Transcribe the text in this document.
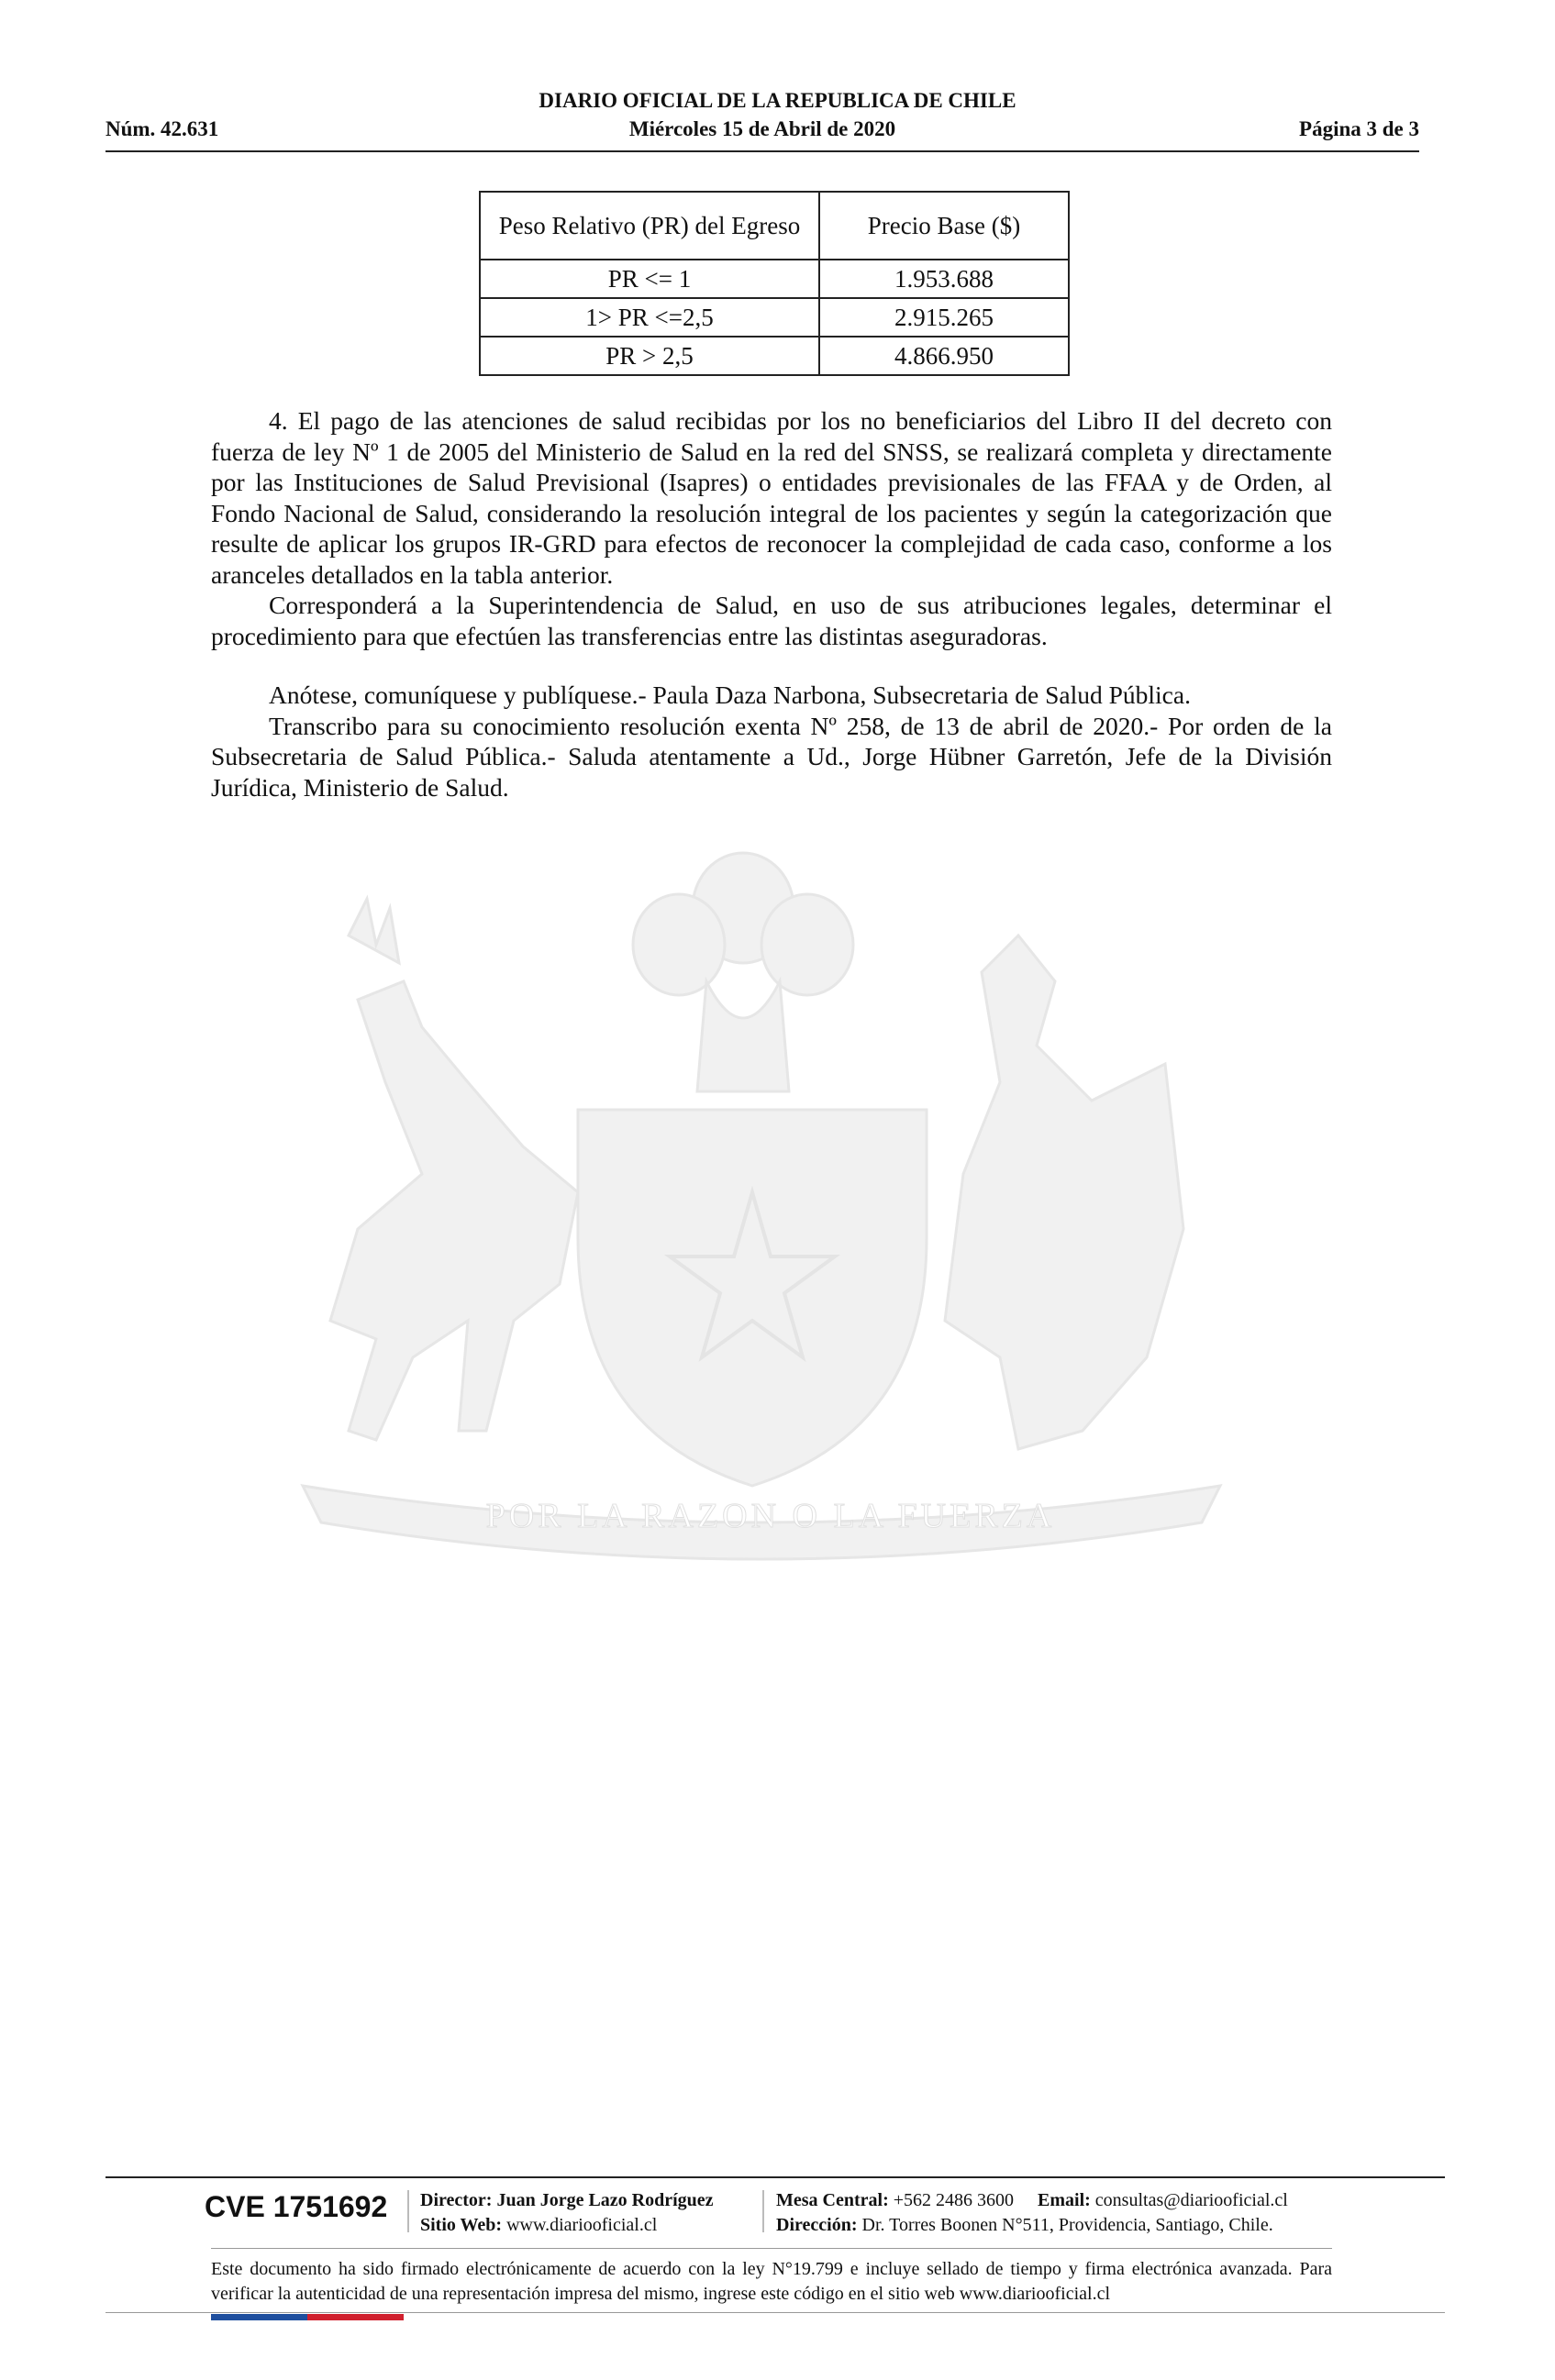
DIARIO OFICIAL DE LA REPUBLICA DE CHILE
Núm. 42.631	Miércoles 15 de Abril de 2020	Página 3 de 3
Peso Relativo (PR) del Egreso	Precio Base ($)
PR <= 1	1.953.688
1> PR <=2,5	2.915.265
PR > 2,5	4.866.950

4. El pago de las atenciones de salud recibidas por los no beneficiarios del Libro II del decreto con fuerza de ley Nº 1 de 2005 del Ministerio de Salud en la red del SNSS, se realizará completa y directamente por las Instituciones de Salud Previsional (Isapres) o entidades previsionales de las FFAA y de Orden, al Fondo Nacional de Salud, considerando la resolución integral de los pacientes y según la categorización que resulte de aplicar los grupos IR-GRD para efectos de reconocer la complejidad de cada caso, conforme a los aranceles detallados en la tabla anterior.

Corresponderá a la Superintendencia de Salud, en uso de sus atribuciones legales, determinar el procedimiento para que efectúen las transferencias entre las distintas aseguradoras.

Anótese, comuníquese y publíquese.- Paula Daza Narbona, Subsecretaria de Salud Pública.

Transcribo para su conocimiento resolución exenta Nº 258, de 13 de abril de 2020.- Por orden de la Subsecretaria de Salud Pública.- Saluda atentamente a Ud., Jorge Hübner Garretón, Jefe de la División Jurídica, Ministerio de Salud.

POR LA RAZON O LA FUERZA
CVE 1751692	Director: Juan Jorge Lazo Rodríguez
Sitio Web: www.diariooficial.cl
Mesa Central: +562 2486 3600 Email: consultas@diariooficial.cl
Dirección: Dr. Torres Boonen N°511, Providencia, Santiago, Chile.
Este documento ha sido firmado electrónicamente de acuerdo con la ley N°19.799 e incluye sellado de tiempo y firma electrónica avanzada. Para verificar la autenticidad de una representación impresa del mismo, ingrese este código en el sitio web www.diariooficial.cl
